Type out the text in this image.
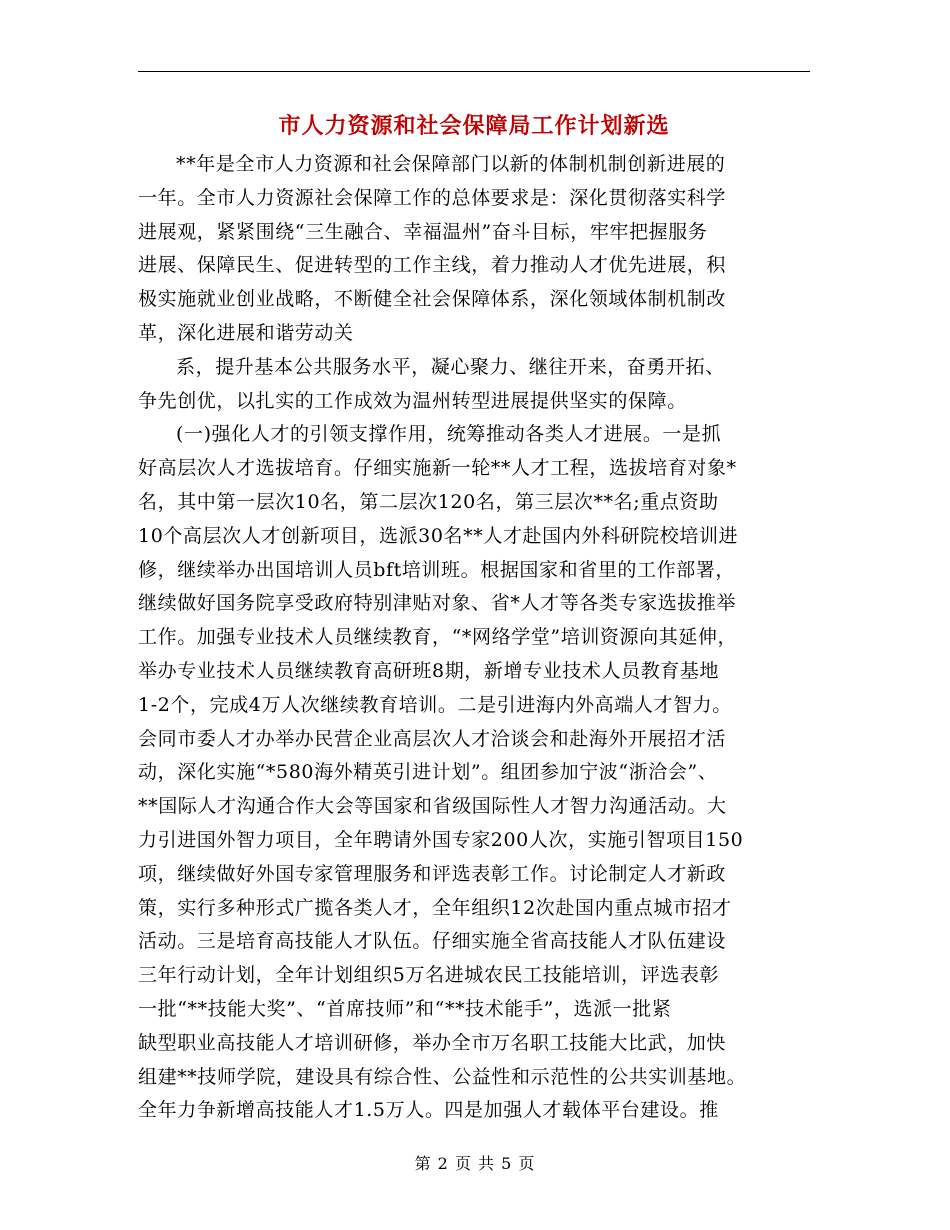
市人力资源和社会保障局工作计划新选
**年是全市人力资源和社会保障部门以新的体制机制创新进展的
一年。全市人力资源社会保障工作的总体要求是：深化贯彻落实科学
进展观，紧紧围绕“三生融合、幸福温州”奋斗目标，牢牢把握服务
进展、保障民生、促进转型的工作主线，着力推动人才优先进展，积
极实施就业创业战略，不断健全社会保障体系，深化领域体制机制改
革，深化进展和谐劳动关
系，提升基本公共服务水平，凝心聚力、继往开来，奋勇开拓、
争先创优，以扎实的工作成效为温州转型进展提供坚实的保障。
(一)强化人才的引领支撑作用，统筹推动各类人才进展。一是抓
好高层次人才选拔培育。仔细实施新一轮**人才工程，选拔培育对象*
名，其中第一层次10名，第二层次120名，第三层次**名;重点资助
10个高层次人才创新项目，选派30名**人才赴国内外科研院校培训进
修，继续举办出国培训人员bft培训班。根据国家和省里的工作部署，
继续做好国务院享受政府特别津贴对象、省*人才等各类专家选拔推举
工作。加强专业技术人员继续教育，“*网络学堂”培训资源向其延伸，
举办专业技术人员继续教育高研班8期，新增专业技术人员教育基地
1-2个，完成4万人次继续教育培训。二是引进海内外高端人才智力。
会同市委人才办举办民营企业高层次人才洽谈会和赴海外开展招才活
动，深化实施“*580海外精英引进计划”。组团参加宁波“浙洽会”、
**国际人才沟通合作大会等国家和省级国际性人才智力沟通活动。大
力引进国外智力项目，全年聘请外国专家200人次，实施引智项目150
项，继续做好外国专家管理服务和评选表彰工作。讨论制定人才新政
策，实行多种形式广揽各类人才，全年组织12次赴国内重点城市招才
活动。三是培育高技能人才队伍。仔细实施全省高技能人才队伍建设
三年行动计划，全年计划组织5万名进城农民工技能培训，评选表彰
一批“**技能大奖”、“首席技师”和“**技术能手”，选派一批紧
缺型职业高技能人才培训研修，举办全市万名职工技能大比武，加快
组建**技师学院，建设具有综合性、公益性和示范性的公共实训基地。
全年力争新增高技能人才1.5万人。四是加强人才载体平台建设。推
第 2 页 共 5 页
